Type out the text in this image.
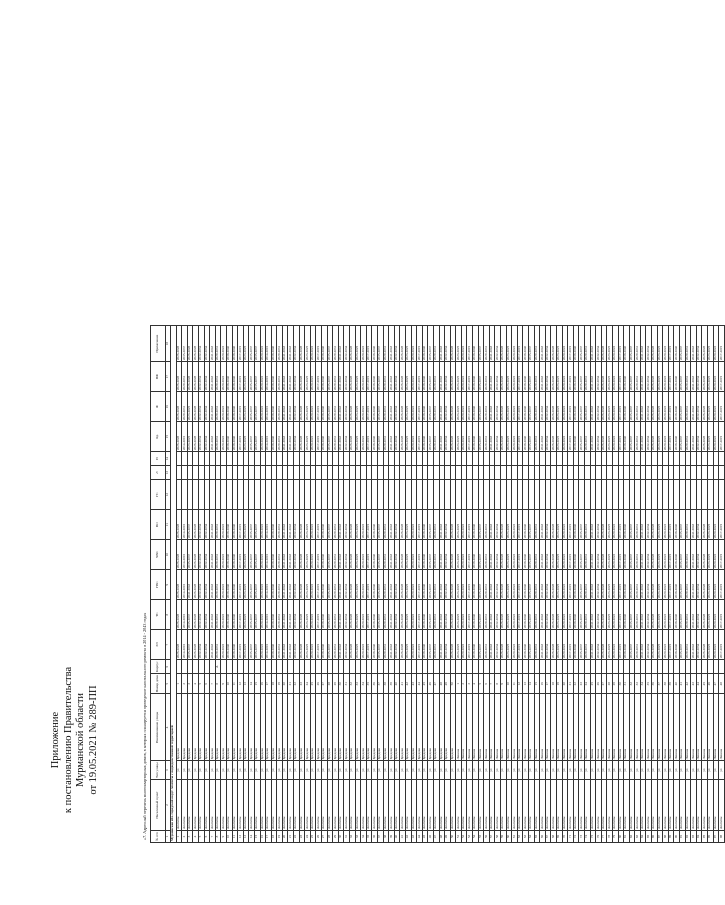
Приложение к постановлению Правительства Мурманской области от 19.05.2021 № 289-ПП	«7. Адресный перечень многоквартирных домов, в которых планируется проведение капитального ремонта в 2014 - 2043 годах № п/п	Населенный пункт	Тип улицы	Наименование улицы	Номер дома	Корпус	ЭЭ	ТС	ГВС	ХВС	ВО	ГС	Л	П	Кр	Ф	ПФ	Примечание
1	2	3	4	5	6	7	8	9	10	11	12	13	14	15	16	17	18
Мурманская обл. городской округ Апатиты с подведомственной территорией																	
1	Апатиты	ул	Бредова	1		2026-2028	2026-2028	2026-2028	2026-2028	2026-2028				2026-2028	2026-2028	2026-2028	2026-2028
2	Апатиты	ул	Бредова	2		2014-2016	2014-2016	2014-2016	2014-2016	2014-2016				2014-2016	2029-2031	2029-2031	2035-2037
3	Апатиты	ул	Бредова	3		2035-2037	2035-2037	2041-2043	2035-2037	2035-2037				2023-2025	2023-2025	2026-2028	2026-2028
4	Апатиты	ул	Бредова	4		2026-2028	2026-2028	2026-2028	2026-2028	2026-2028				2026-2028	2026-2028	2026-2028	2026-2028
5	Апатиты	ул	Бредова	5		2032-2034	2032-2034	2032-2034	2032-2034	2032-2034				2032-2034	2032-2034	2032-2034	2032-2034
6	Апатиты	ул	Бредова	6		2032-2034	2032-2034	2032-2034	2032-2034	2032-2034				2032-2034	2032-2034	2032-2034	2032-2034
7	Апатиты	ул	Бредова	7		2041-2043	2041-2043	2041-2043	2041-2043	2041-2043				2041-2043	2041-2043	2041-2043	2041-2043
8	Апатиты	ул	Бредова	8	А	2029-2031	2029-2031	2029-2031	2029-2031	2029-2031				2029-2031	2029-2031	2029-2031	2029-2031
9	Апатиты	ул	Бредова	9		2020-2022	2020-2022	2020-2022	2020-2022	2020-2022				2020-2022	2020-2022	2020-2022	2020-2022
10	Апатиты	ул	Бредова	10		2038-2040	2038-2040	2038-2040	2038-2040	2038-2040				2038-2040	2038-2040	2038-2040	2038-2040
11	Апатиты	ул	Бредова	11		2038-2040	2038-2040	2038-2040	2038-2040	2038-2040				2038-2040	2038-2040	2038-2040	2038-2040
12	Апатиты	ул	Бредова	12		2017-2019	2017-2019	2017-2019	2017-2019	2017-2019				2017-2019	2017-2019	2017-2019	2017-2019
13	Апатиты	ул	Бредова	13		2023-2025	2023-2025	2023-2025	2023-2025	2023-2025				2023-2025	2023-2025	2023-2025	2023-2025
14	Апатиты	ул	Бредова	14		2035-2037	2035-2037	2035-2037	2035-2037	2035-2037				2035-2037	2035-2037	2035-2037	2035-2037
15	Апатиты	ул	Бредова	15		2035-2037	2035-2037	2035-2037	2035-2037	2035-2037				2035-2037	2035-2037	2035-2037	2035-2037
16	Апатиты	ул	Бредова	16		2020-2022	2020-2022	2020-2022	2020-2022	2020-2022				2020-2022	2020-2022	2020-2022	2020-2022
17	Апатиты	ул	Бредова	17		2014-2016	2014-2016	2014-2016	2014-2016	2014-2016				2014-2016	2014-2016	2014-2016	2014-2016
18	Апатиты	ул	Бредова	18		2038-2040	2038-2040	2038-2040	2038-2040	2038-2040				2038-2040	2038-2040	2038-2040	2038-2040
19	Апатиты	ул	Бредова	19		2029-2031	2029-2031	2029-2031	2029-2031	2029-2031				2029-2031	2029-2031	2029-2031	2029-2031
20	Апатиты	ул	Бредова	20		2041-2043	2041-2043	2041-2043	2041-2043	2041-2043				2041-2043	2041-2043	2041-2043	2041-2043
21	Апатиты	ул	Бредова	21		2041-2043	2041-2043	2041-2043	2041-2043	2041-2043				2041-2043	2041-2043	2041-2043	2041-2043
22	Апатиты	ул	Бредова	22		2032-2034	2032-2034	2032-2034	2032-2034	2032-2034				2032-2034	2032-2034	2032-2034	2032-2034
23	Апатиты	ул	Бредова	23		2026-2028	2026-2028	2026-2028	2026-2028	2026-2028				2026-2028	2026-2028	2026-2028	2026-2028
24	Апатиты	ул	Бредова	24		2023-2025	2023-2025	2023-2025	2023-2025	2023-2025				2023-2025	2023-2025	2023-2025	2023-2025
25	Апатиты	ул	Бредова	25		2020-2022	2020-2022	2020-2022	2020-2022	2020-2022				2020-2022	2020-2022	2020-2022	2020-2022
26	Апатиты	ул	Бредова	26		2017-2019	2017-2019	2017-2019	2017-2019	2017-2019				2017-2019	2017-2019	2017-2019	2017-2019
27	Апатиты	ул	Бредова	27		2038-2040	2038-2040	2038-2040	2038-2040	2038-2040				2038-2040	2038-2040	2038-2040	2038-2040
28	Апатиты	ул	Бредова	28		2035-2037	2035-2037	2035-2037	2035-2037	2035-2037				2035-2037	2035-2037	2035-2037	2035-2037
29	Апатиты	ул	Бредова	29		2029-2031	2029-2031	2029-2031	2029-2031	2029-2031				2029-2031	2029-2031	2029-2031	2029-2031
30	Апатиты	ул	Бредова	30		2041-2043	2041-2043	2041-2043	2041-2043	2041-2043				2041-2043	2041-2043	2041-2043	2041-2043
31	Апатиты	ул	Бредова	31		2032-2034	2032-2034	2032-2034	2032-2034	2032-2034				2032-2034	2032-2034	2032-2034	2032-2034
32	Апатиты	ул	Бредова	32		2026-2028	2026-2028	2026-2028	2026-2028	2026-2028				2026-2028	2026-2028	2026-2028	2026-2028
33	Апатиты	ул	Бредова	33		2023-2025	2023-2025	2023-2025	2023-2025	2023-2025				2023-2025	2023-2025	2023-2025	2023-2025
34	Апатиты	ул	Бредова	34		2020-2022	2020-2022	2020-2022	2020-2022	2020-2022				2020-2022	2020-2022	2020-2022	2020-2022
35	Апатиты	ул	Бредова	35		2017-2019	2017-2019	2017-2019	2017-2019	2017-2019				2017-2019	2017-2019	2017-2019	2017-2019
36	Апатиты	ул	Бредова	36		2038-2040	2038-2040	2038-2040	2038-2040	2038-2040				2038-2040	2038-2040	2038-2040	2038-2040
37	Апатиты	ул	Бредова	37		2035-2037	2035-2037	2035-2037	2035-2037	2035-2037				2035-2037	2035-2037	2035-2037	2035-2037
38	Апатиты	ул	Бредова	38		2029-2031	2029-2031	2029-2031	2029-2031	2029-2031				2029-2031	2029-2031	2029-2031	2029-2031
39	Апатиты	ул	Бредова	39		2041-2043	2041-2043	2041-2043	2041-2043	2041-2043				2041-2043	2041-2043	2041-2043	2041-2043
40	Апатиты	ул	Бредова	40		2032-2034	2032-2034	2032-2034	2032-2034	2032-2034				2032-2034	2032-2034	2032-2034	2032-2034
41	Апатиты	ул	Бредова	41		2026-2028	2026-2028	2026-2028	2026-2028	2026-2028				2026-2028	2026-2028	2026-2028	2026-2028
42	Апатиты	ул	Бредова	42		2023-2025	2023-2025	2023-2025	2023-2025	2023-2025				2023-2025	2023-2025	2023-2025	2023-2025
43	Апатиты	ул	Бредова	43		2020-2022	2020-2022	2020-2022	2020-2022	2020-2022				2020-2022	2020-2022	2020-2022	2020-2022
44	Апатиты	ул	Бредова	44		2017-2019	2017-2019	2017-2019	2017-2019	2017-2019				2017-2019	2017-2019	2017-2019	2017-2019
45	Апатиты	ул	Бредова	45		2038-2040	2038-2040	2038-2040	2038-2040	2038-2040				2038-2040	2038-2040	2038-2040	2038-2040
46	Апатиты	ул	Бредова	46		2035-2037	2035-2037	2035-2037	2035-2037	2035-2037				2035-2037	2035-2037	2035-2037	2035-2037
47	Апатиты	ул	Бредова	47		2029-2031	2029-2031	2029-2031	2029-2031	2029-2031				2029-2031	2029-2031	2029-2031	2029-2031
48	Апатиты	ул	Бредова	48		2041-2043	2041-2043	2041-2043	2041-2043	2041-2043				2041-2043	2041-2043	2041-2043	2041-2043
49	Апатиты	ул	Бредова	49		2032-2034	2032-2034	2032-2034	2032-2034	2032-2034				2032-2034	2032-2034	2032-2034	2032-2034
50	Апатиты	ул	Бредова	50		2026-2028	2026-2028	2026-2028	2026-2028	2026-2028				2026-2028	2026-2028	2026-2028	2026-2028
51	Апатиты	ул	Ленина	1		2023-2025	2023-2025	2023-2025	2023-2025	2023-2025				2023-2025	2023-2025	2023-2025	2023-2025
52	Апатиты	ул	Ленина	2		2020-2022	2020-2022	2020-2022	2020-2022	2020-2022				2020-2022	2020-2022	2020-2022	2020-2022
53	Апатиты	ул	Ленина	3		2017-2019	2017-2019	2017-2019	2017-2019	2017-2019				2017-2019	2017-2019	2017-2019	2017-2019
54	Апатиты	ул	Ленина	4		2038-2040	2038-2040	2038-2040	2038-2040	2038-2040				2038-2040	2038-2040	2038-2040	2038-2040
55	Апатиты	ул	Ленина	5		2035-2037	2035-2037	2035-2037	2035-2037	2035-2037				2035-2037	2035-2037	2035-2037	2035-2037
56	Апатиты	ул	Ленина	6		2029-2031	2029-2031	2029-2031	2029-2031	2029-2031				2029-2031	2029-2031	2029-2031	2029-2031
57	Апатиты	ул	Ленина	7		2041-2043	2041-2043	2041-2043	2041-2043	2041-2043				2041-2043	2041-2043	2041-2043	2041-2043
58	Апатиты	ул	Ленина	8		2032-2034	2032-2034	2032-2034	2032-2034	2032-2034				2032-2034	2032-2034	2032-2034	2032-2034
59	Апатиты	ул	Ленина	9		2026-2028	2026-2028	2026-2028	2026-2028	2026-2028				2026-2028	2026-2028	2026-2028	2026-2028
60	Апатиты	ул	Ленина	10		2023-2025	2023-2025	2023-2025	2023-2025	2023-2025				2023-2025	2023-2025	2023-2025	2023-2025
61	Апатиты	ул	Ленина	11		2020-2022	2020-2022	2020-2022	2020-2022	2020-2022				2020-2022	2020-2022	2020-2022	2020-2022
62	Апатиты	ул	Ленина	12		2017-2019	2017-2019	2017-2019	2017-2019	2017-2019				2017-2019	2017-2019	2017-2019	2017-2019
63	Апатиты	ул	Ленина	13		2038-2040	2038-2040	2038-2040	2038-2040	2038-2040				2038-2040	2038-2040	2038-2040	2038-2040
64	Апатиты	ул	Ленина	14		2035-2037	2035-2037	2035-2037	2035-2037	2035-2037				2035-2037	2035-2037	2035-2037	2035-2037
65	Апатиты	ул	Ленина	15		2029-2031	2029-2031	2029-2031	2029-2031	2029-2031				2029-2031	2029-2031	2029-2031	2029-2031
66	Апатиты	ул	Ленина	16		2041-2043	2041-2043	2041-2043	2041-2043	2041-2043				2041-2043	2041-2043	2041-2043	2041-2043
67	Апатиты	ул	Ленина	17		2032-2034	2032-2034	2032-2034	2032-2034	2032-2034				2032-2034	2032-2034	2032-2034	2032-2034
68	Апатиты	ул	Ленина	18		2026-2028	2026-2028	2026-2028	2026-2028	2026-2028				2026-2028	2026-2028	2026-2028	2026-2028
69	Апатиты	ул	Ленина	19		2023-2025	2023-2025	2023-2025	2023-2025	2023-2025				2023-2025	2023-2025	2023-2025	2023-2025
70	Апатиты	ул	Ленина	20		2020-2022	2020-2022	2020-2022	2020-2022	2020-2022				2020-2022	2020-2022	2020-2022	2020-2022
71	Апатиты	ул	Ленина	21		2017-2019	2017-2019	2017-2019	2017-2019	2017-2019				2017-2019	2017-2019	2017-2019	2017-2019
72	Апатиты	ул	Ленина	22		2038-2040	2038-2040	2038-2040	2038-2040	2038-2040				2038-2040	2038-2040	2038-2040	2038-2040
73	Апатиты	ул	Ленина	23		2035-2037	2035-2037	2035-2037	2035-2037	2035-2037				2035-2037	2035-2037	2035-2037	2035-2037
74	Апатиты	ул	Ленина	24		2029-2031	2029-2031	2029-2031	2029-2031	2029-2031				2029-2031	2029-2031	2029-2031	2029-2031
75	Апатиты	ул	Ленина	25		2041-2043	2041-2043	2041-2043	2041-2043	2041-2043				2041-2043	2041-2043	2041-2043	2041-2043
76	Апатиты	ул	Ленина	26		2032-2034	2032-2034	2032-2034	2032-2034	2032-2034				2032-2034	2032-2034	2032-2034	2032-2034
77	Апатиты	ул	Ленина	27		2026-2028	2026-2028	2026-2028	2026-2028	2026-2028				2026-2028	2026-2028	2026-2028	2026-2028
78	Апатиты	ул	Ленина	28		2023-2025	2023-2025	2023-2025	2023-2025	2023-2025				2023-2025	2023-2025	2023-2025	2023-2025
79	Апатиты	ул	Ленина	29		2020-2022	2020-2022	2020-2022	2020-2022	2020-2022				2020-2022	2020-2022	2020-2022	2020-2022
80	Апатиты	ул	Ленина	30		2017-2019	2017-2019	2017-2019	2017-2019	2017-2019				2017-2019	2017-2019	2017-2019	2017-2019
81	Апатиты	ул	Ленина	31		2038-2040	2038-2040	2038-2040	2038-2040	2038-2040				2038-2040	2038-2040	2038-2040	2038-2040
82	Апатиты	ул	Ленина	32		2035-2037	2035-2037	2035-2037	2035-2037	2035-2037				2035-2037	2035-2037	2035-2037	2035-2037
83	Апатиты	ул	Ленина	33		2029-2031	2029-2031	2029-2031	2029-2031	2029-2031				2029-2031	2029-2031	2029-2031	2029-2031
84	Апатиты	ул	Ленина	34		2041-2043	2041-2043	2041-2043	2041-2043	2041-2043				2041-2043	2041-2043	2041-2043	2041-2043
85	Апатиты	ул	Ленина	35		2032-2034	2032-2034	2032-2034	2032-2034	2032-2034				2032-2034	2032-2034	2032-2034	2032-2034
86	Апатиты	ул	Ленина	36		2026-2028	2026-2028	2026-2028	2026-2028	2026-2028				2026-2028	2026-2028	2026-2028	2026-2028
87	Апатиты	ул	Ленина	37		2023-2025	2023-2025	2023-2025	2023-2025	2023-2025				2023-2025	2023-2025	2023-2025	2023-2025
88	Апатиты	ул	Ленина	38		2020-2022	2020-2022	2020-2022	2020-2022	2020-2022				2020-2022	2020-2022	2020-2022	2020-2022
89	Апатиты	ул	Ленина	39		2017-2019	2017-2019	2017-2019	2017-2019	2017-2019				2017-2019	2017-2019	2017-2019	2017-2019
90	Апатиты	ул	Ленина	40		2038-2040	2038-2040	2038-2040	2038-2040	2038-2040				2038-2040	2038-2040	2038-2040	2038-2040
91	Апатиты	ул	Ленина	41		2035-2037	2035-2037	2035-2037	2035-2037	2035-2037				2035-2037	2035-2037	2035-2037	2035-2037
92	Апатиты	ул	Ленина	42		2029-2031	2029-2031	2029-2031	2029-2031	2029-2031				2029-2031	2029-2031	2029-2031	2029-2031
93	Апатиты	ул	Ленина	43		2041-2043	2041-2043	2041-2043	2041-2043	2041-2043				2041-2043	2041-2043	2041-2043	2041-2043
94	Апатиты	ул	Ленина	44		2032-2034	2032-2034	2032-2034	2032-2034	2032-2034				2032-2034	2032-2034	2032-2034	2032-2034
95	Апатиты	ул	Ленина	45		2026-2028	2026-2028	2026-2028	2026-2028	2026-2028				2026-2028	2026-2028	2026-2028	2026-2028
96	Апатиты	ул	Ленина	46		2023-2025	2023-2025	2023-2025	2023-2025	2023-2025				2023-2025	2023-2025	2023-2025	2023-2025
97	Апатиты	ул	Ленина	47		2020-2022	2020-2022	2020-2022	2020-2022	2020-2022				2020-2022	2020-2022	2020-2022	2020-2022
98	Апатиты	ул	Ленина	48		2017-2019	2017-2019	2017-2019	2017-2019	2017-2019				2017-2019	2017-2019	2017-2019	2017-2019
